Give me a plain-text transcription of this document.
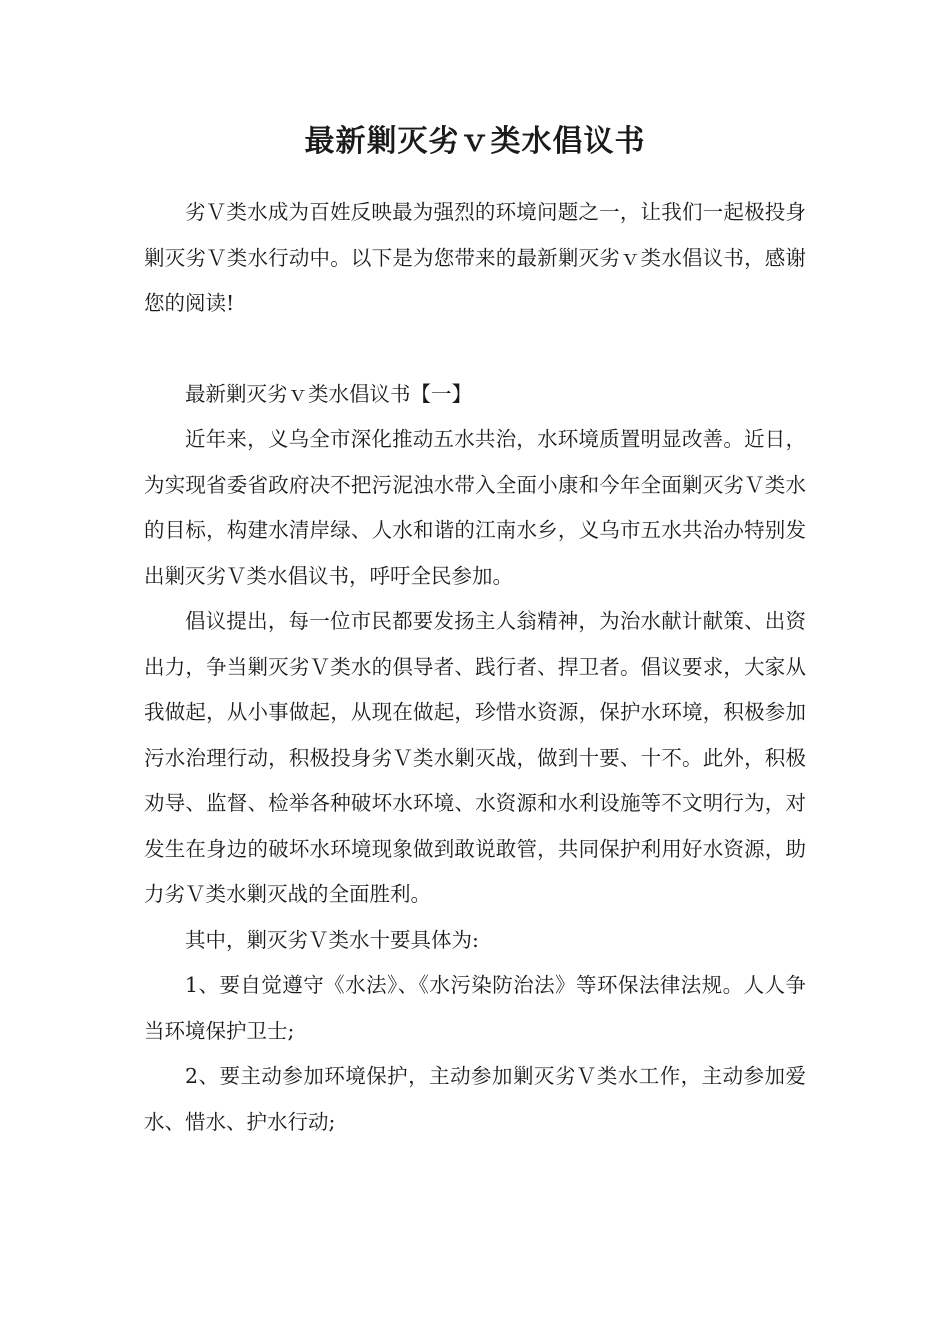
最新剿灭劣ｖ类水倡议书

劣Ｖ类水成为百姓反映最为强烈的环境问题之一，让我们一起极投身剿灭劣Ｖ类水行动中。以下是为您带来的最新剿灭劣ｖ类水倡议书，感谢您的阅读!

最新剿灭劣ｖ类水倡议书【一】

近年来，义乌全市深化推动五水共治，水环境质置明显改善。近日，为实现省委省政府决不把污泥浊水带入全面小康和今年全面剿灭劣Ｖ类水的目标，构建水清岸绿、人水和谐的江南水乡，义乌市五水共治办特别发出剿灭劣Ｖ类水倡议书，呼吁全民参加。

倡议提出，每一位市民都要发扬主人翁精神，为治水献计献策、出资出力，争当剿灭劣Ｖ类水的倶导者、践行者、捍卫者。倡议要求，大家从我做起，从小事做起，从现在做起，珍惜水资源，保护水环境，积极参加污水治理行动，积极投身劣Ｖ类水剿灭战，做到十要、十不。此外，积极劝导、监督、检举各种破坏水环境、水资源和水利设施等不文明行为，对发生在身边的破坏水环境现象做到敢说敢管，共同保护利用好水资源，助力劣Ｖ类水剿灭战的全面胜利。

其中，剿灭劣Ｖ类水十要具体为:

1、要自觉遵守《水法》、《水污染防治法》等环保法律法规。人人争当环境保护卫士;

2、要主动参加环境保护，主动参加剿灭劣Ｖ类水工作，主动参加爱水、惜水、护水行动;
